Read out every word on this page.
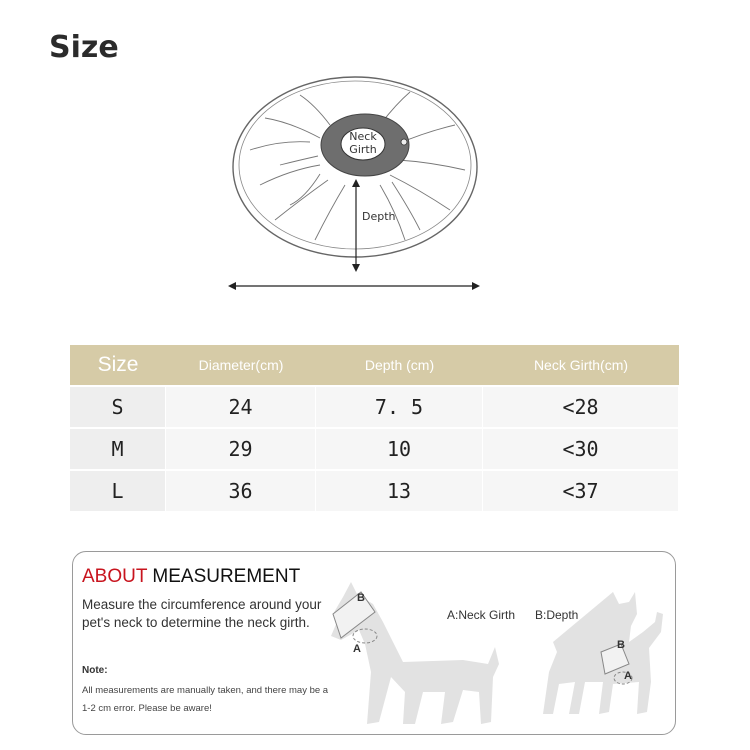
Size
Neck
Girth
Depth
Size	Diameter(cm)	Depth (cm)	Neck Girth(cm)
S	24	7. 5	<28
M	29	10	<30
L	36	13	<37
B
A	B
A
ABOUT MEASUREMENT

Measure the circumference around your pet's neck to determine the neck girth.

Note:

All measurements are manually taken, and there may be a 1-2 cm error. Please be aware!

A:Neck Girth B:Depth
